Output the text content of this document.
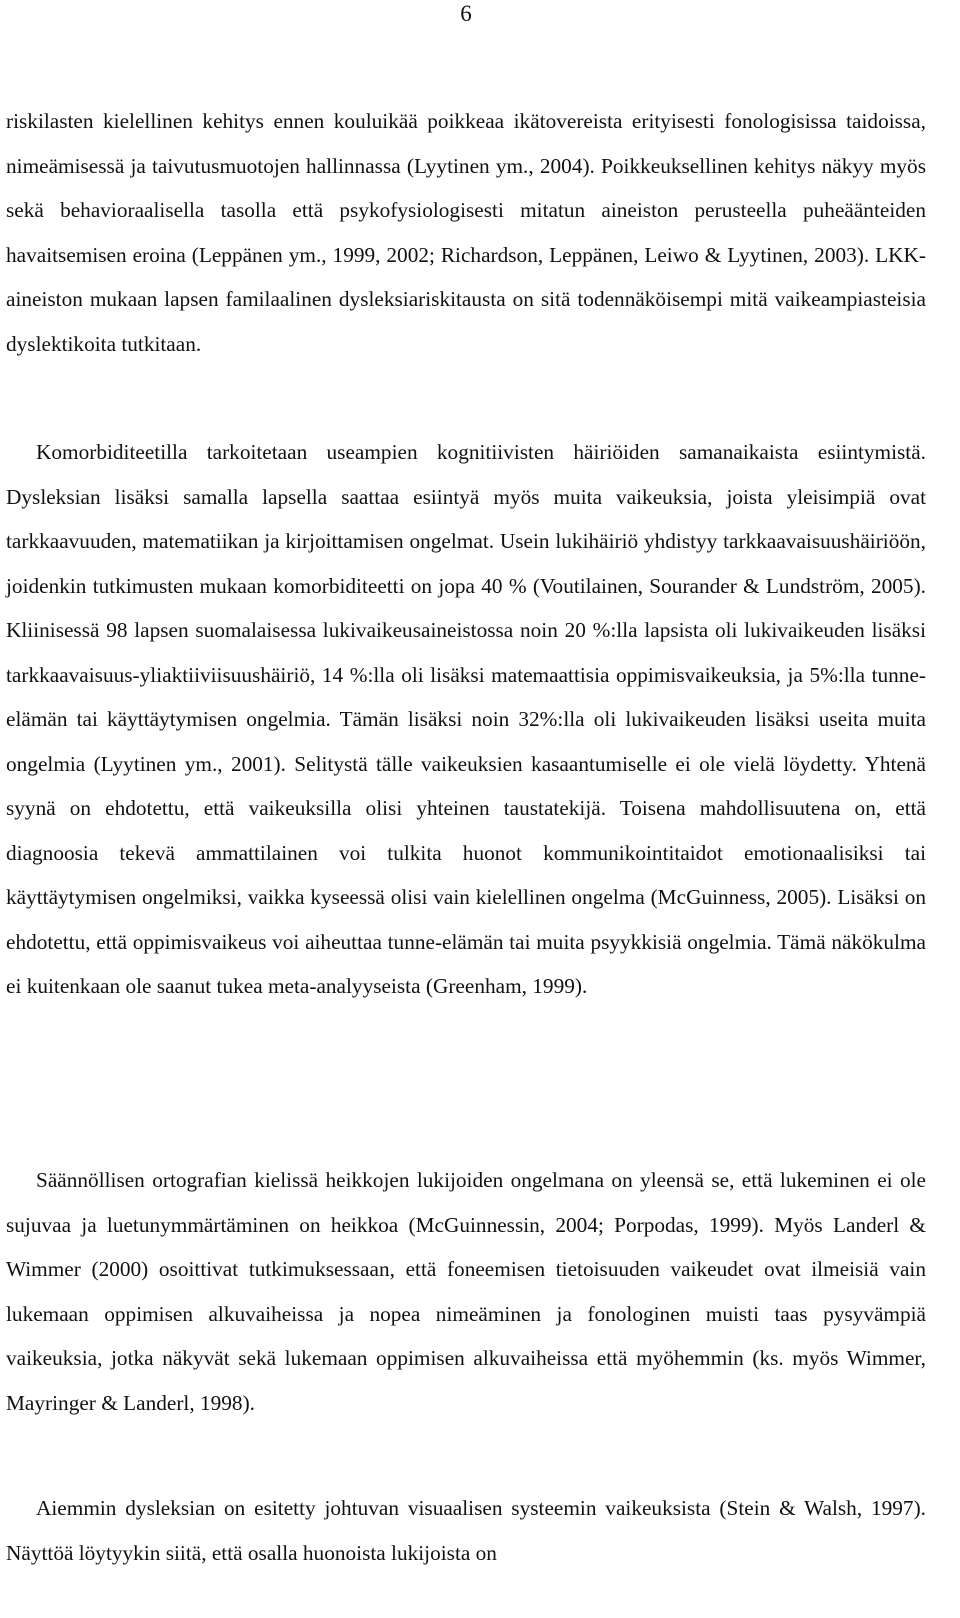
6

riskilasten kielellinen kehitys ennen kouluikää poikkeaa ikätovereista erityisesti fonologisissa taidoissa, nimeämisessä ja taivutusmuotojen hallinnassa (Lyytinen ym., 2004). Poikkeuksellinen kehitys näkyy myös sekä behavioraalisella tasolla että psykofysiologisesti mitatun aineiston perusteella puheäänteiden havaitsemisen eroina (Leppänen ym., 1999, 2002; Richardson, Leppänen, Leiwo & Lyytinen, 2003). LKK-aineiston mukaan lapsen familaalinen dysleksiariskitausta on sitä todennäköisempi mitä vaikeampiasteisia dyslektikoita tutkitaan.

Komorbiditeetilla tarkoitetaan useampien kognitiivisten häiriöiden samanaikaista esiintymistä. Dysleksian lisäksi samalla lapsella saattaa esiintyä myös muita vaikeuksia, joista yleisimpiä ovat tarkkaavuuden, matematiikan ja kirjoittamisen ongelmat. Usein lukihäiriö yhdistyy tarkkaavaisuushäiriöön, joidenkin tutkimusten mukaan komorbiditeetti on jopa 40 % (Voutilainen, Sourander & Lundström, 2005). Kliinisessä 98 lapsen suomalaisessa lukivaikeusaineistossa noin 20 %:lla lapsista oli lukivaikeuden lisäksi tarkkaavaisuus-yliaktiiviisuushäiriö, 14 %:lla oli lisäksi matemaattisia oppimisvaikeuksia, ja 5%:lla tunne-elämän tai käyttäytymisen ongelmia. Tämän lisäksi noin 32%:lla oli lukivaikeuden lisäksi useita muita ongelmia (Lyytinen ym., 2001). Selitystä tälle vaikeuksien kasaantumiselle ei ole vielä löydetty. Yhtenä syynä on ehdotettu, että vaikeuksilla olisi yhteinen taustatekijä. Toisena mahdollisuutena on, että diagnoosia tekevä ammattilainen voi tulkita huonot kommunikointitaidot emotionaalisiksi tai käyttäytymisen ongelmiksi, vaikka kyseessä olisi vain kielellinen ongelma (McGuinness, 2005). Lisäksi on ehdotettu, että oppimisvaikeus voi aiheuttaa tunne-elämän tai muita psyykkisiä ongelmia. Tämä näkökulma ei kuitenkaan ole saanut tukea meta-analyyseista (Greenham, 1999).

Säännöllisen ortografian kielissä heikkojen lukijoiden ongelmana on yleensä se, että lukeminen ei ole sujuvaa ja luetunymmärtäminen on heikkoa (McGuinnessin, 2004; Porpodas, 1999). Myös Landerl & Wimmer (2000) osoittivat tutkimuksessaan, että foneemisen tietoisuuden vaikeudet ovat ilmeisiä vain lukemaan oppimisen alkuvaiheissa ja nopea nimeäminen ja fonologinen muisti taas pysyvämpiä vaikeuksia, jotka näkyvät sekä lukemaan oppimisen alkuvaiheissa että myöhemmin (ks. myös Wimmer, Mayringer & Landerl, 1998).

Aiemmin dysleksian on esitetty johtuvan visuaalisen systeemin vaikeuksista (Stein & Walsh, 1997). Näyttöä löytyykin siitä, että osalla huonoista lukijoista on
